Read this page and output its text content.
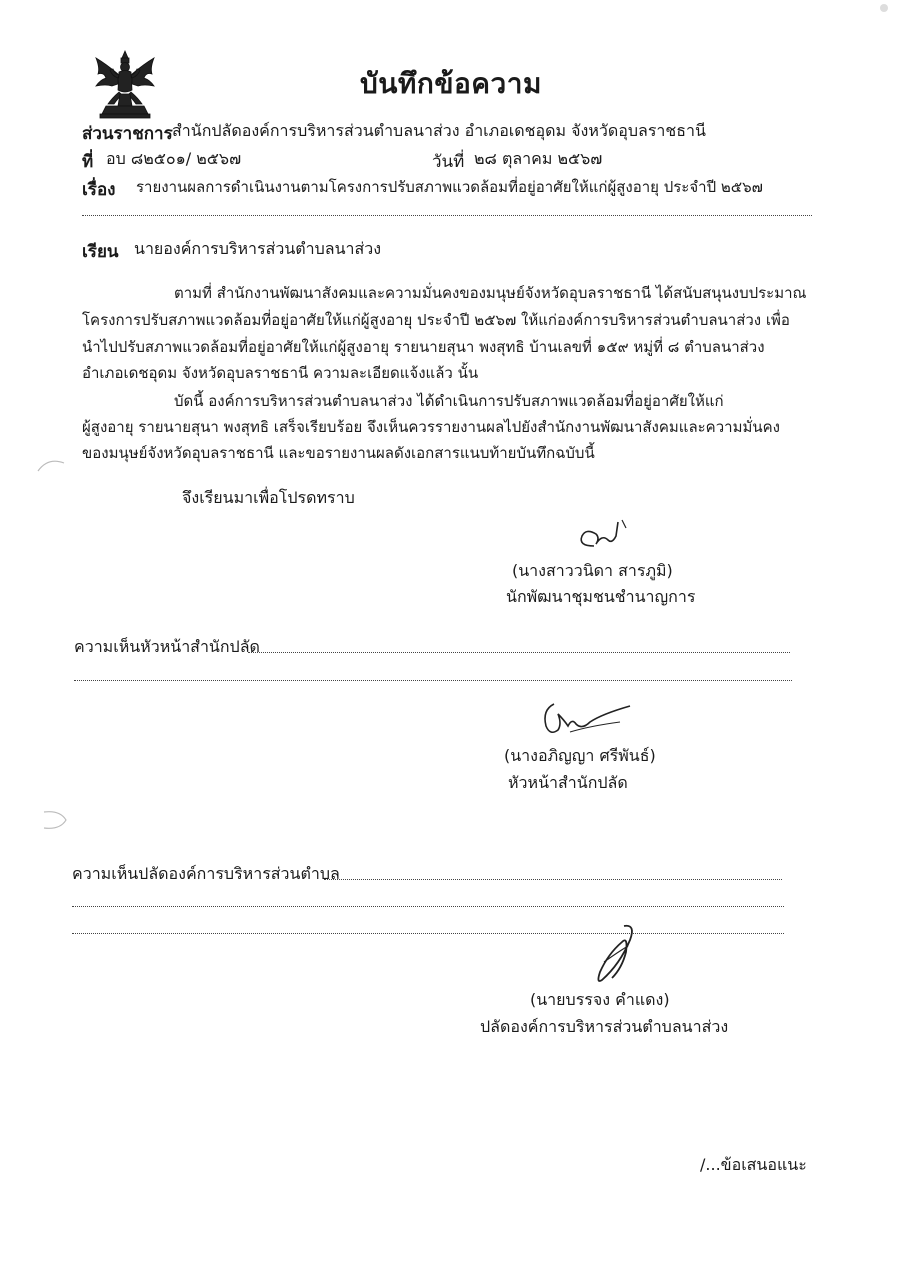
บันทึกข้อความ
ส่วนราชการ สำนักปลัดองค์การบริหารส่วนตำบลนาส่วง อำเภอเดชอุดม จังหวัดอุบลราชธานี
ที่ อบ ๘๒๕๐๑/ ๒๕๖๗	วันที่ ๒๘ ตุลาคม ๒๕๖๗
เรื่อง รายงานผลการดำเนินงานตามโครงการปรับสภาพแวดล้อมที่อยู่อาศัยให้แก่ผู้สูงอายุ ประจำปี ๒๕๖๗
เรียน นายองค์การบริหารส่วนตำบลนาส่วง
ตามที่ สำนักงานพัฒนาสังคมและความมั่นคงของมนุษย์จังหวัดอุบลราชธานี ได้สนับสนุนงบประมาณ
โครงการปรับสภาพแวดล้อมที่อยู่อาศัยให้แก่ผู้สูงอายุ ประจำปี ๒๕๖๗ ให้แก่องค์การบริหารส่วนตำบลนาส่วง เพื่อ
นำไปปรับสภาพแวดล้อมที่อยู่อาศัยให้แก่ผู้สูงอายุ รายนายสุนา พงสุทธิ บ้านเลขที่ ๑๕๙ หมู่ที่ ๘ ตำบลนาส่วง
อำเภอเดชอุดม จังหวัดอุบลราชธานี ความละเอียดแจ้งแล้ว นั้น
บัดนี้ องค์การบริหารส่วนตำบลนาส่วง ได้ดำเนินการปรับสภาพแวดล้อมที่อยู่อาศัยให้แก่
ผู้สูงอายุ รายนายสุนา พงสุทธิ เสร็จเรียบร้อย จึงเห็นควรรายงานผลไปยังสำนักงานพัฒนาสังคมและความมั่นคง
ของมนุษย์จังหวัดอุบลราชธานี และขอรายงานผลดังเอกสารแนบท้ายบันทึกฉบับนี้
จึงเรียนมาเพื่อโปรดทราบ
(นางสาววนิดา สารภูมิ)
นักพัฒนาชุมชนชำนาญการ
ความเห็นหัวหน้าสำนักปลัด
(นางอภิญญา ศรีพันธ์)
หัวหน้าสำนักปลัด
ความเห็นปลัดองค์การบริหารส่วนตำบล
(นายบรรจง คำแดง)
ปลัดองค์การบริหารส่วนตำบลนาส่วง
/...ข้อเสนอแนะ
